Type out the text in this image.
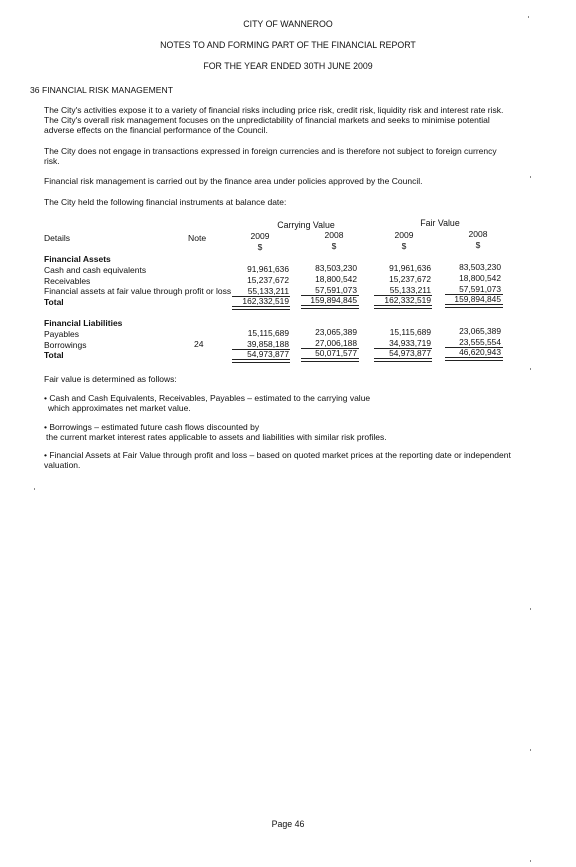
CITY OF WANNEROO
NOTES TO AND FORMING PART OF THE FINANCIAL REPORT
FOR THE YEAR ENDED 30TH JUNE 2009
36 FINANCIAL RISK MANAGEMENT
The City's activities expose it to a variety of financial risks including price risk, credit risk, liquidity risk and interest rate risk. The City's overall risk management focuses on the unpredictability of financial markets and seeks to minimise potential adverse effects on the financial performance of the Council.
The City does not engage in transactions expressed in foreign currencies and is therefore not subject to foreign currency risk.
Financial risk management is carried out by the finance area under policies approved by the Council.
The City held the following financial instruments at balance date:
Carrying Value	Fair Value
Details	Note	2009	2008	2009	2008
$	$	$	$
Financial Assets
Cash and cash equivalents	91,961,636	83,503,230	91,961,636	83,503,230
Receivables	15,237,672	18,800,542	15,237,672	18,800,542
Financial assets at fair value through profit or loss	55,133,211	57,591,073	55,133,211	57,591,073
Total	162,332,519	159,894,845	162,332,519	159,894,845
Financial Liabilities
Payables	15,115,689	23,065,389	15,115,689	23,065,389
Borrowings	24	39,858,188	27,006,188	34,933,719	23,555,554
Total	54,973,877	50,071,577	54,973,877	46,620,943
Fair value is determined as follows:
• Cash and Cash Equivalents, Receivables, Payables – estimated to the carrying value
which approximates net market value.
• Borrowings – estimated future cash flows discounted by
the current market interest rates applicable to assets and liabilities with similar risk profiles.
• Financial Assets at Fair Value through profit and loss – based on quoted market prices at the reporting date or independent valuation.
Page 46
